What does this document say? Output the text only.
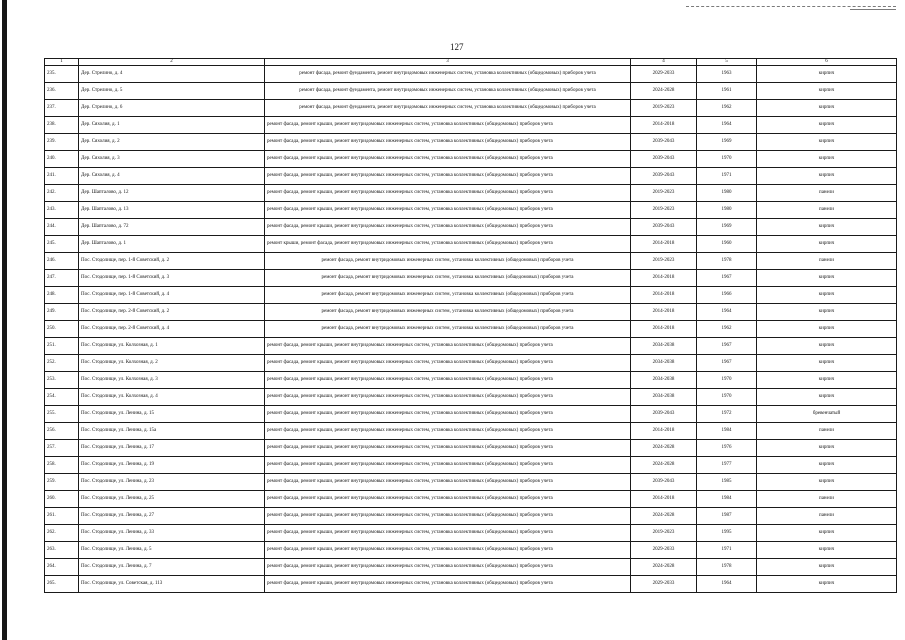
127
1	2	3	4	5	6
235.	Дер. Стрелино, д. 4	ремонт фасада, ремонт фундамента, ремонт внутридомовых инженерных систем, установка коллективных (общедомовых) приборов учета	2029-2033	1963	кирпич
236.	Дер. Стрелино, д. 5	ремонт фасада, ремонт фундамента, ремонт внутридомовых инженерных систем, установка коллективных (общедомовых) приборов учета	2024-2028	1961	кирпич
237.	Дер. Стрелино, д. 6	ремонт фасада, ремонт фундамента, ремонт внутридомовых инженерных систем, установка коллективных (общедомовых) приборов учета	2019-2023	1962	кирпич
238.	Дер. Сяхолия, д. 1	ремонт фасада, ремонт крыши, ремонт внутридомовых инженерных систем, установка коллективных (общедомовых) приборов учета	2014-2018	1964	кирпич
239.	Дер. Сяхолия, д. 2	ремонт фасада, ремонт крыши, ремонт внутридомовых инженерных систем, установка коллективных (общедомовых) приборов учета	2039-2043	1969	кирпич
240.	Дер. Сяхолия, д. 3	ремонт фасада, ремонт крыши, ремонт внутридомовых инженерных систем, установка коллективных (общедомовых) приборов учета	2039-2043	1970	кирпич
241.	Дер. Сяхолия, д. 4	ремонт фасада, ремонт крыши, ремонт внутридомовых инженерных систем, установка коллективных (общедомовых) приборов учета	2039-2043	1971	кирпич
242.	Дер. Шапталово, д. 12	ремонт фасада, ремонт крыши, ремонт внутридомовых инженерных систем, установка коллективных (общедомовых) приборов учета	2019-2023	1980	панели
243.	Дер. Шапталово, д. 13	ремонт фасада, ремонт крыши, ремонт внутридомовых инженерных систем, установка коллективных (общедомовых) приборов учета	2019-2023	1980	панели
244.	Дер. Шапталово, д. 72	ремонт фасада, ремонт крыши, ремонт внутридомовых инженерных систем, установка коллективных (общедомовых) приборов учета	2039-2043	1969	кирпич
245.	Дер. Шапталово, д. 1	ремонт крыши, ремонт фасада, ремонт внутридомовых инженерных систем, установка коллективных (общедомовых) приборов учета	2014-2018	1960	кирпич
246.	Пос. Стодолище, пер. 1-й Советский, д. 2	ремонт фасада, ремонт внутридомовых инженерных систем, установка коллективных (общедомовых) приборов учета	2019-2023	1978	панели
247.	Пос. Стодолище, пер. 1-й Советский, д. 3	ремонт фасада, ремонт внутридомовых инженерных систем, установка коллективных (общедомовых) приборов учета	2014-2018	1967	кирпич
248.	Пос. Стодолище, пер. 1-й Советский, д. 4	ремонт фасада, ремонт внутридомовых инженерных систем, установка коллективных (общедомовых) приборов учета	2014-2018	1966	кирпич
249.	Пос. Стодолище, пер. 2-й Советский, д. 2	ремонт фасада, ремонт внутридомовых инженерных систем, установка коллективных (общедомовых) приборов учета	2014-2018	1964	кирпич
250.	Пос. Стодолище, пер. 2-й Советский, д. 4	ремонт фасада, ремонт внутридомовых инженерных систем, установка коллективных (общедомовых) приборов учета	2014-2018	1962	кирпич
251.	Пос. Стодолище, ул. Колхозная, д. 1	ремонт фасада, ремонт крыши, ремонт внутридомовых инженерных систем, установка коллективных (общедомовых) приборов учета	2034-2038	1967	кирпич
252.	Пос. Стодолище, ул. Колхозная, д. 2	ремонт фасада, ремонт крыши, ремонт внутридомовых инженерных систем, установка коллективных (общедомовых) приборов учета	2034-2038	1967	кирпич
253.	Пос. Стодолище, ул. Колхозная, д. 3	ремонт фасада, ремонт крыши, ремонт внутридомовых инженерных систем, установка коллективных (общедомовых) приборов учета	2034-2038	1970	кирпич
254.	Пос. Стодолище, ул. Колхозная, д. 4	ремонт фасада, ремонт крыши, ремонт внутридомовых инженерных систем, установка коллективных (общедомовых) приборов учета	2034-2038	1970	кирпич
255.	Пос. Стодолище, ул. Ленина, д. 15	ремонт фасада, ремонт крыши, ремонт внутридомовых инженерных систем, установка коллективных (общедомовых) приборов учета	2039-2043	1972	бревенчатый
256.	Пос. Стодолище, ул. Ленина, д. 15а	ремонт фасада, ремонт крыши, ремонт внутридомовых инженерных систем, установка коллективных (общедомовых) приборов учета	2014-2018	1984	панели
257.	Пос. Стодолище, ул. Ленина, д. 17	ремонт фасада, ремонт крыши, ремонт внутридомовых инженерных систем, установка коллективных (общедомовых) приборов учета	2024-2028	1976	кирпич
258.	Пос. Стодолище, ул. Ленина, д. 19	ремонт фасада, ремонт крыши, ремонт внутридомовых инженерных систем, установка коллективных (общедомовых) приборов учета	2024-2028	1977	кирпич
259.	Пос. Стодолище, ул. Ленина, д. 23	ремонт фасада, ремонт крыши, ремонт внутридомовых инженерных систем, установка коллективных (общедомовых) приборов учета	2039-2043	1985	кирпич
260.	Пос. Стодолище, ул. Ленина, д. 25	ремонт фасада, ремонт крыши, ремонт внутридомовых инженерных систем, установка коллективных (общедомовых) приборов учета	2014-2018	1984	панели
261.	Пос. Стодолище, ул. Ленина, д. 27	ремонт фасада, ремонт крыши, ремонт внутридомовых инженерных систем, установка коллективных (общедомовых) приборов учета	2024-2028	1987	панели
262.	Пос. Стодолище, ул. Ленина, д. 33	ремонт фасада, ремонт крыши, ремонт внутридомовых инженерных систем, установка коллективных (общедомовых) приборов учета	2019-2023	1995	кирпич
263.	Пос. Стодолище, ул. Ленина, д. 5	ремонт фасада, ремонт крыши, ремонт внутридомовых инженерных систем, установка коллективных (общедомовых) приборов учета	2029-2033	1971	кирпич
264.	Пос. Стодолище, ул. Ленина, д. 7	ремонт фасада, ремонт крыши, ремонт внутридомовых инженерных систем, установка коллективных (общедомовых) приборов учета	2024-2028	1978	кирпич
265.	Пос. Стодолище, ул. Советская, д. 113	ремонт фасада, ремонт крыши, ремонт внутридомовых инженерных систем, установка коллективных (общедомовых) приборов учета	2029-2033	1964	кирпич
